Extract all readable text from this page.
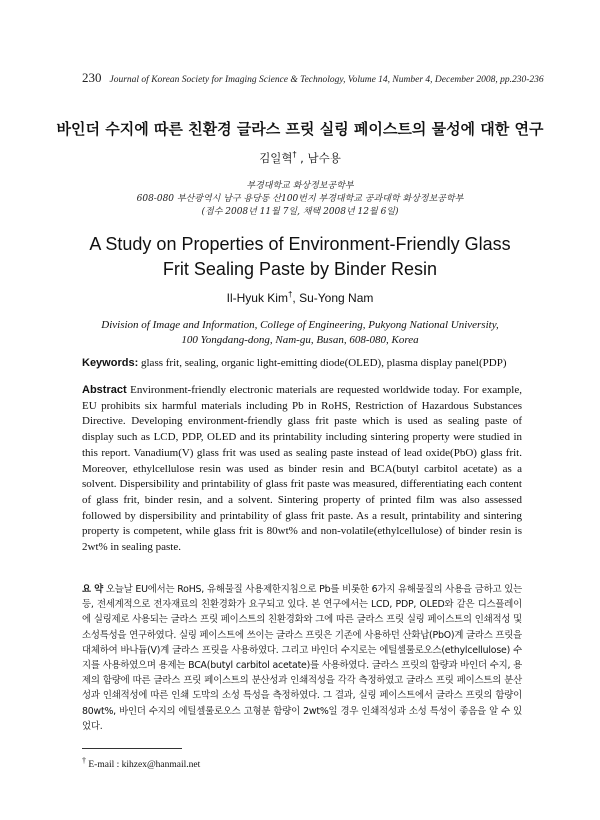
230 Journal of Korean Society for Imaging Science & Technology, Volume 14, Number 4, December 2008, pp.230-236
바인더 수지에 따른 친환경 글라스 프릿 실링 페이스트의 물성에 대한 연구
김일혁† , 남수용
부경대학교 화상정보공학부
608-080 부산광역시 남구 용당동 산100번지 부경대학교 공과대학 화상정보공학부
(접수 2008년 11월 7일, 채택 2008년 12월 6일)
A Study on Properties of Environment-Friendly Glass
Frit Sealing Paste by Binder Resin
Il-Hyuk Kim†, Su-Yong Nam
Division of Image and Information, College of Engineering, Pukyong National University,
100 Yongdang-dong, Nam-gu, Busan, 608-080, Korea
Keywords: glass frit, sealing, organic light-emitting diode(OLED), plasma display panel(PDP)
Abstract Environment-friendly electronic materials are requested worldwide today. For example, EU prohibits six harmful materials including Pb in RoHS, Restriction of Hazardous Substances Directive. Developing environment-friendly glass frit paste which is used as sealing paste of display such as LCD, PDP, OLED and its printability including sintering property were studied in this report. Vanadium(V) glass frit was used as sealing paste instead of lead oxide(PbO) glass frit. Moreover, ethylcellulose resin was used as binder resin and BCA(butyl carbitol acetate) as a solvent. Dispersibility and printability of glass frit paste was measured, differentiating each content of glass frit, binder resin, and a solvent. Sintering property of printed film was also assessed followed by dispersibility and printability of glass frit paste. As a result, printability and sintering property is competent, while glass frit is 80wt% and non-volatile(ethylcellulose) of binder resin is 2wt% in sealing paste.
요 약 오늘날 EU에서는 RoHS, 유해물질 사용제한지침으로 Pb를 비롯한 6가지 유해물질의 사용을 금하고 있는 등, 전세계적으로 전자재료의 친환경화가 요구되고 있다. 본 연구에서는 LCD, PDP, OLED와 같은 디스플레이에 실링제로 사용되는 글라스 프릿 페이스트의 친환경화와 그에 따른 글라스 프릿 실링 페이스트의 인쇄적성 및 소성특성을 연구하였다. 실링 페이스트에 쓰이는 글라스 프릿은 기존에 사용하던 산화납(PbO)계 글라스 프릿을 대체하여 바나듐(V)계 글라스 프릿을 사용하였다. 그리고 바인더 수지로는 에틸셀룰로오스(ethylcellulose) 수지를 사용하였으며 용제는 BCA(butyl carbitol acetate)를 사용하였다. 글라스 프릿의 함량과 바인더 수지, 용제의 함량에 따른 글라스 프릿 페이스트의 분산성과 인쇄적성을 각각 측정하였고 글라스 프릿 페이스트의 분산성과 인쇄적성에 따른 인쇄 도막의 소성 특성을 측정하였다. 그 결과, 실링 페이스트에서 글라스 프릿의 함량이 80wt%, 바인더 수지의 에틸셀룰로오스 고형분 함량이 2wt%일 경우 인쇄적성과 소성 특성이 좋음을 알 수 있었다.
† E-mail : kihzex@hanmail.net
